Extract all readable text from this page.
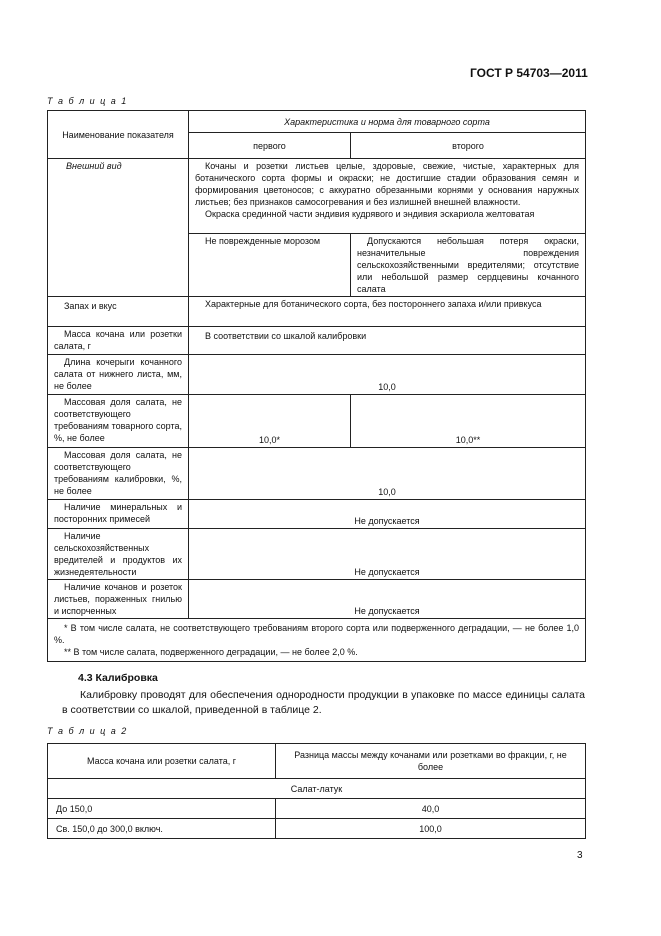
ГОСТ Р 54703—2011
Т а б л и ц а 1
Наименование показателя	Характеристика и норма для товарного сорта	
	первого	второго
Внешний вид	Кочаны и розетки листьев целые, здоровые, свежие, чистые, характерных для ботанического сорта формы и окраски; не достигшие стадии образования семян и формирования цветоносов; с аккуратно обрезанными корнями у основания наружных листьев; без признаков самосогревания и без излишней внешней влажности.
Окраска срединной части эндивия кудрявого и эндивия эскариола желтоватая	

	Не поврежденные морозом	Допускаются небольшая потеря окраски, незначительные повреждения сельскохозяйственными вредителями; отсутствие или небольшой размер сердцевины кочанного салата
Запах и вкус	Характерные для ботанического сорта, без постороннего запаха и/или привкуса	
Масса кочана или розетки салата, г	В соответствии со шкалой калибровки	
Длина кочерыги кочанного салата от нижнего листа, мм, не более	10,0	
Массовая доля салата, не соответствующего требованиям товарного сорта, %, не более	10,0*	10,0**
Массовая доля салата, не соответствующего требованиям калибровки, %, не более	10,0	
Наличие минеральных и посторонних примесей	Не допускается	
Наличие сельскохозяйственных вредителей и продуктов их жизнедеятельности	Не допускается	
Наличие кочанов и розеток листьев, пораженных гнилью и испорченных	Не допускается	

* В том числе салата, не соответствующего требованиям второго сорта или подверженного деградации, — не более 1,0 %.
** В том числе салата, подверженного деградации, — не более 2,0 %.		
4.3 Калибровка
Калибровку проводят для обеспечения однородности продукции в упаковке по массе единицы салата в соответствии со шкалой, приведенной в таблице 2.
Т а б л и ц а 2
Масса кочана или розетки салата, г	Разница массы между кочанами или розетками во фракции, г, не более
Салат-латук	
До 150,0	40,0
Св. 150,0 до 300,0 включ.	100,0
3
